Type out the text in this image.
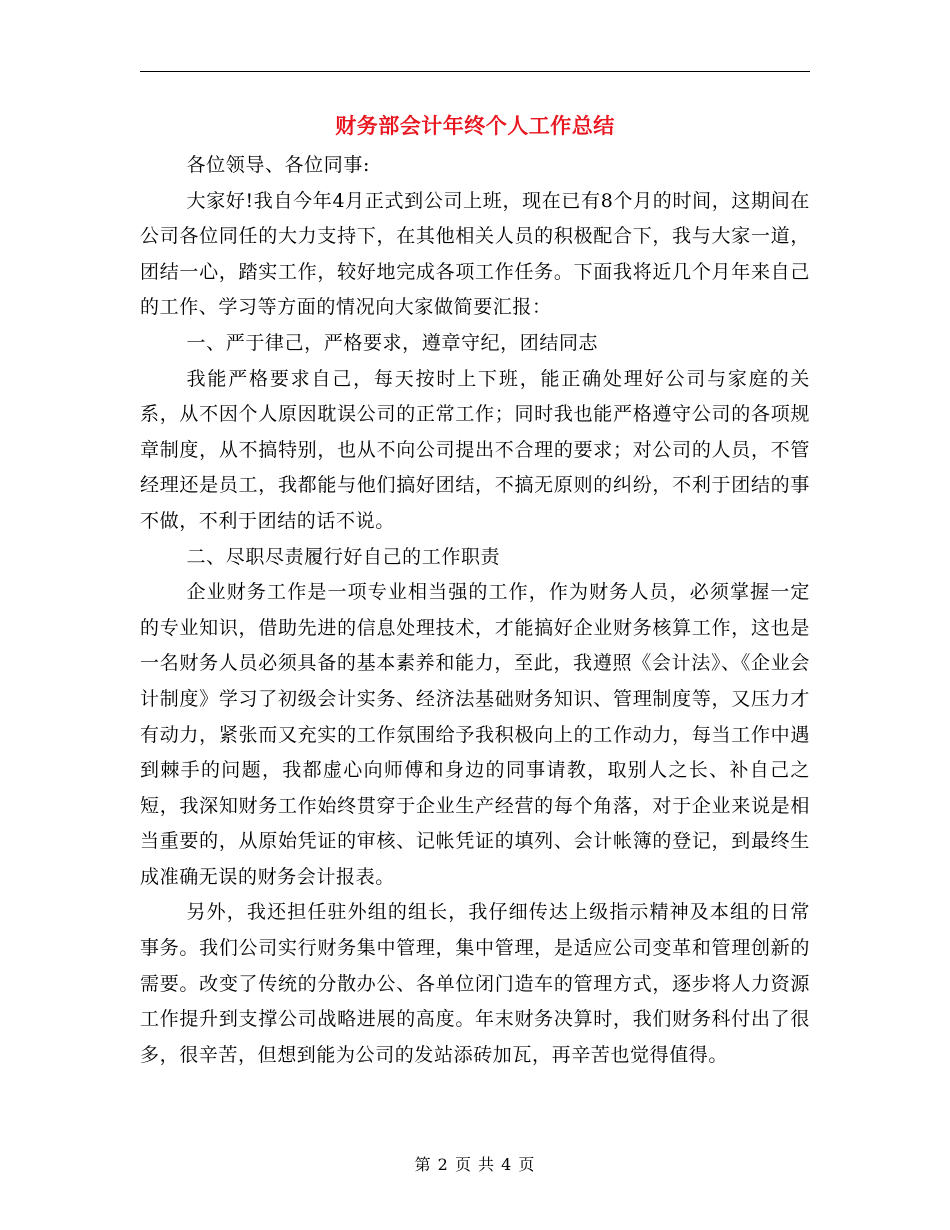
财务部会计年终个人工作总结

各位领导、各位同事:

大家好!我自今年4月正式到公司上班，现在已有8个月的时间，这期间在公司各位同任的大力支持下，在其他相关人员的积极配合下，我与大家一道，团结一心，踏实工作，较好地完成各项工作任务。下面我将近几个月年来自己的工作、学习等方面的情况向大家做简要汇报：

一、严于律己，严格要求，遵章守纪，团结同志

我能严格要求自己，每天按时上下班，能正确处理好公司与家庭的关系，从不因个人原因耽误公司的正常工作；同时我也能严格遵守公司的各项规章制度，从不搞特别，也从不向公司提出不合理的要求；对公司的人员，不管经理还是员工，我都能与他们搞好团结，不搞无原则的纠纷，不利于团结的事不做，不利于团结的话不说。

二、尽职尽责履行好自己的工作职责

企业财务工作是一项专业相当强的工作，作为财务人员，必须掌握一定的专业知识，借助先进的信息处理技术，才能搞好企业财务核算工作，这也是一名财务人员必须具备的基本素养和能力，至此，我遵照《会计法》、《企业会计制度》学习了初级会计实务、经济法基础财务知识、管理制度等，又压力才有动力，紧张而又充实的工作氛围给予我积极向上的工作动力，每当工作中遇到棘手的问题，我都虚心向师傅和身边的同事请教，取别人之长、补自己之短，我深知财务工作始终贯穿于企业生产经营的每个角落，对于企业来说是相当重要的，从原始凭证的审核、记帐凭证的填列、会计帐簿的登记，到最终生成准确无误的财务会计报表。

另外，我还担任驻外组的组长，我仔细传达上级指示精神及本组的日常事务。我们公司实行财务集中管理，集中管理，是适应公司变革和管理创新的需要。改变了传统的分散办公、各单位闭门造车的管理方式，逐步将人力资源工作提升到支撑公司战略进展的高度。年末财务决算时，我们财务科付出了很多，很辛苦，但想到能为公司的发站添砖加瓦，再辛苦也觉得值得。

第 2 页 共 4 页
